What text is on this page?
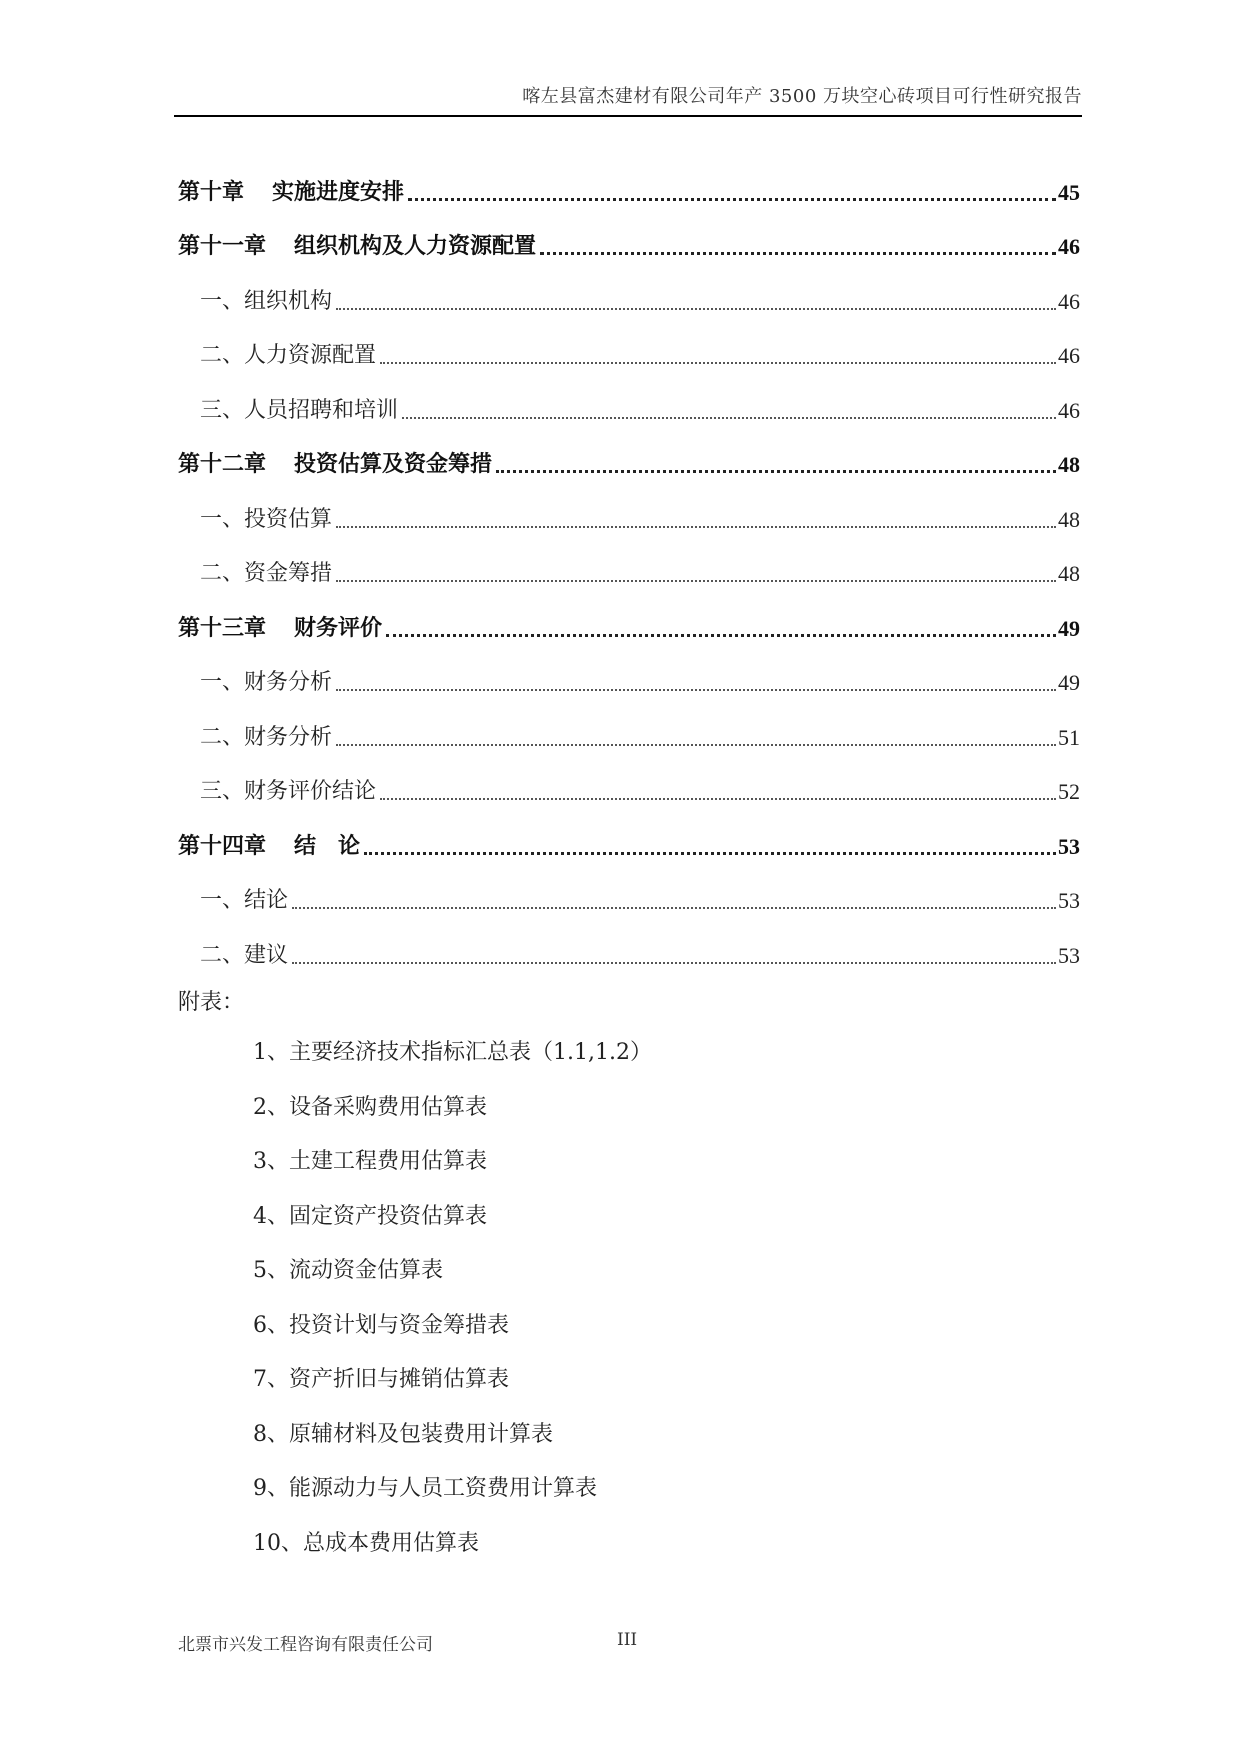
喀左县富杰建材有限公司年产 3500 万块空心砖项目可行性研究报告
第十章 实施进度安排	45
第十一章 组织机构及人力资源配置	46
一、组织机构	46
二、人力资源配置	46
三、人员招聘和培训	46
第十二章 投资估算及资金筹措	48
一、投资估算	48
二、资金筹措	48
第十三章 财务评价	49
一、财务分析	49
二、财务分析	51
三、财务评价结论	52
第十四章 结　论	53
一、结论	53
二、建议	53
附表：
1、主要经济技术指标汇总表（1.1,1.2）
2、设备采购费用估算表
3、土建工程费用估算表
4、固定资产投资估算表
5、流动资金估算表
6、投资计划与资金筹措表
7、资产折旧与摊销估算表
8、原辅材料及包装费用计算表
9、能源动力与人员工资费用计算表
10、总成本费用估算表
北票市兴发工程咨询有限责任公司	III
